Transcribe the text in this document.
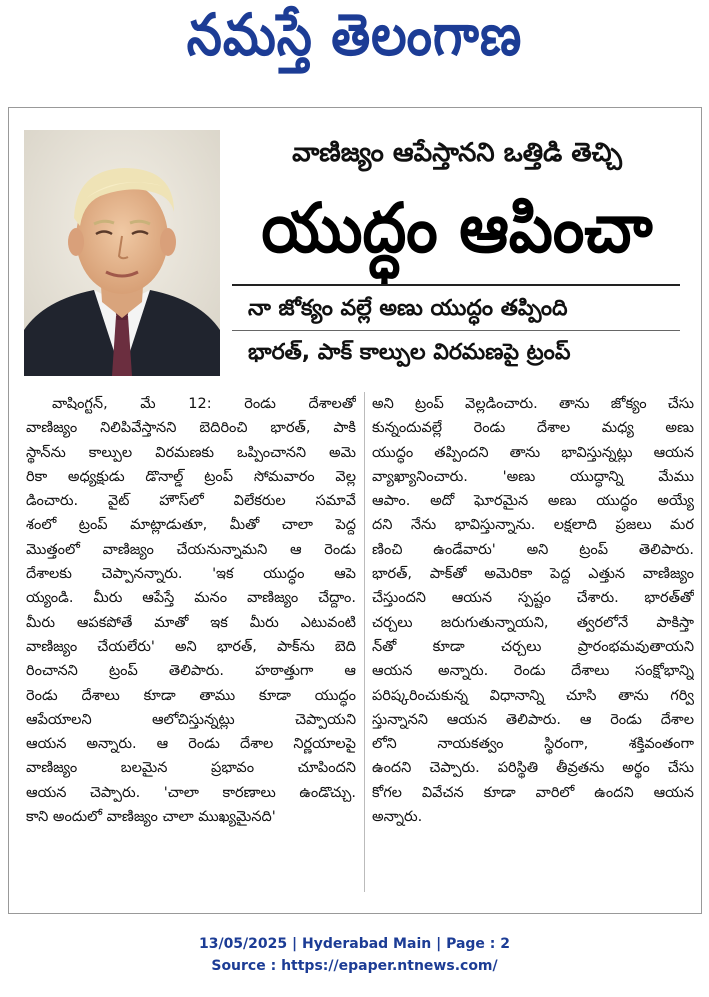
నమస్తే తెలంగాణ
వాణిజ్యం ఆపేస్తానని ఒత్తిడి తెచ్చి
యుద్ధం ఆపించా
నా జోక్యం వల్లే అణు యుద్ధం తప్పింది
భారత్, పాక్ కాల్పుల విరమణపై ట్రంప్
వాషింగ్టన్, మే 12: రెండు దేశాలతో
వాణిజ్యం నిలిపివేస్తానని బెదిరించి భారత్, పాకి
స్థాన్‌ను కాల్పుల విరమణకు ఒప్పించానని అమె
రికా అధ్యక్షుడు డొనాల్డ్ ట్రంప్ సోమవారం వెల్ల
డించారు. వైట్ హౌస్‌లో విలేకరుల సమావే
శంలో ట్రంప్ మాట్లాడుతూ, మీతో చాలా పెద్ద
మొత్తంలో వాణిజ్యం చేయనున్నామని ఆ రెండు
దేశాలకు చెప్పానన్నారు. 'ఇక యుద్ధం ఆపె
య్యండి. మీరు ఆపేస్తే మనం వాణిజ్యం చేద్దాం.
మీరు ఆపకపోతే మాతో ఇక మీరు ఎటువంటి
వాణిజ్యం చేయలేరు' అని భారత్, పాక్‌ను బెది
రించానని ట్రంప్ తెలిపారు. హఠాత్తుగా ఆ
రెండు దేశాలు కూడా తాము కూడా యుద్ధం
ఆపేయాలని ఆలోచిస్తున్నట్లు చెప్పాయని
ఆయన అన్నారు. ఆ రెండు దేశాల నిర్ణయాలపై
వాణిజ్యం బలమైన ప్రభావం చూపిందని
ఆయన చెప్పారు. 'చాలా కారణాలు ఉండొచ్చు.
కాని అందులో వాణిజ్యం చాలా ముఖ్యమైనది'
అని ట్రంప్ వెల్లడించారు. తాను జోక్యం చేసు
కున్నందువల్లే రెండు దేశాల మధ్య అణు
యుద్ధం తప్పిందని తాను భావిస్తున్నట్లు ఆయన
వ్యాఖ్యానించారు. 'అణు యుద్ధాన్ని మేము
ఆపాం. అదో ఘోరమైన అణు యుద్ధం అయ్యే
దని నేను భావిస్తున్నాను. లక్షలాది ప్రజలు మర
ణించి ఉండేవారు' అని ట్రంప్ తెలిపారు.
భారత్, పాక్‌తో అమెరికా పెద్ద ఎత్తున వాణిజ్యం
చేస్తుందని ఆయన స్పష్టం చేశారు. భారత్‌తో
చర్చలు జరుగుతున్నాయని, త్వరలోనే పాకిస్తా
న్‌తో కూడా చర్చలు ప్రారంభమవుతాయని
ఆయన అన్నారు. రెండు దేశాలు సంక్షోభాన్ని
పరిష్కరించుకున్న విధానాన్ని చూసి తాను గర్వి
స్తున్నానని ఆయన తెలిపారు. ఆ రెండు దేశాల
లోని నాయకత్వం స్థిరంగా, శక్తివంతంగా
ఉందని చెప్పారు. పరిస్థితి తీవ్రతను అర్థం చేసు
కోగల వివేచన కూడా వారిలో ఉందని ఆయన
అన్నారు.
13/05/2025 | Hyderabad Main | Page : 2
Source : https://epaper.ntnews.com/
